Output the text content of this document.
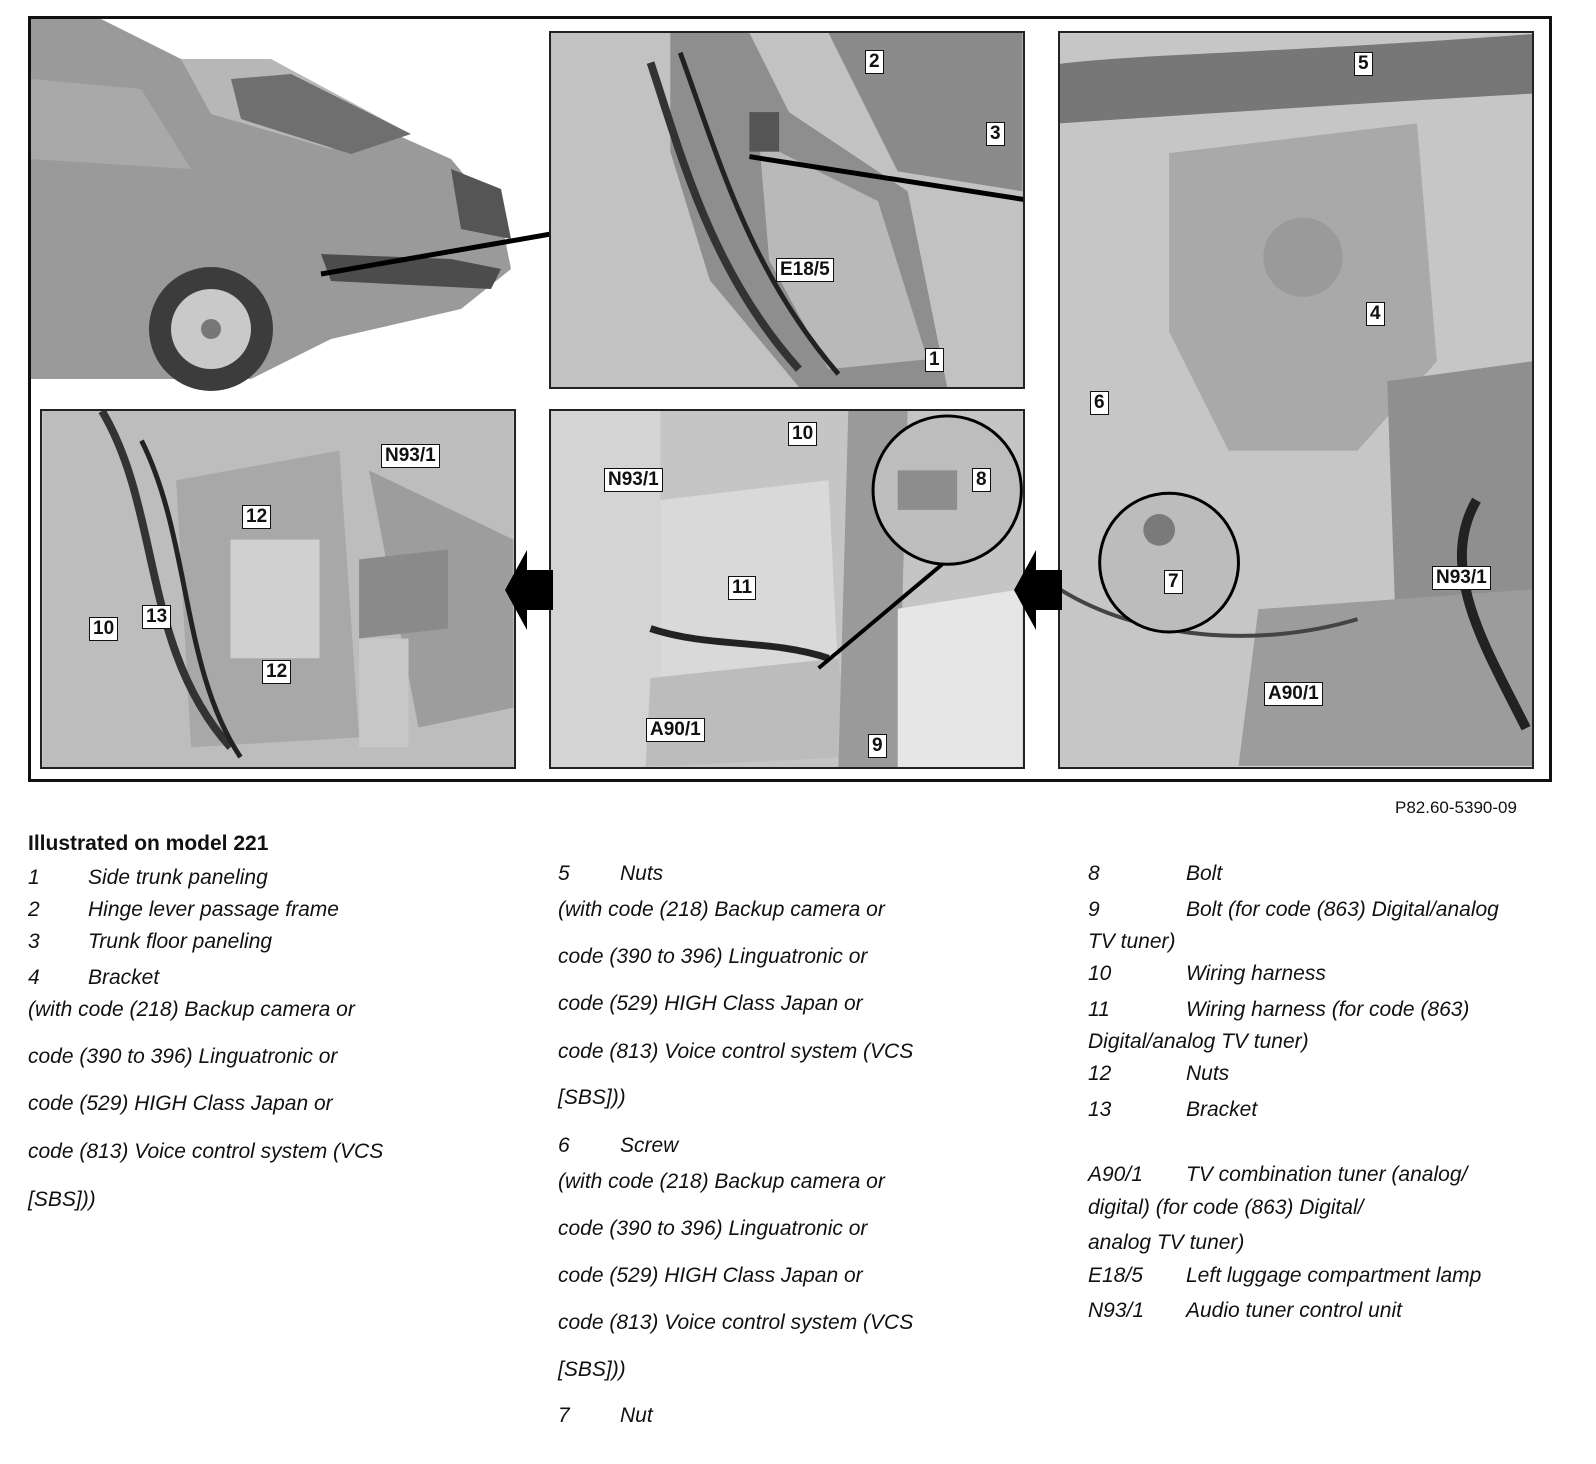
2
3
E18/5
1
5
4
6
7	N93/1
A90/1
N93/1
12
13
10
12
10
N93/1	8
11
A90/1
9
P82.60-5390-09
Illustrated on model 221
1 Side trunk paneling
2 Hinge lever passage frame
3 Trunk floor paneling
4 Bracket
(with code (218) Backup camera or
code (390 to 396) Linguatronic or
code (529) HIGH Class Japan or
code (813) Voice control system (VCS
[SBS]))
5 Nuts
(with code (218) Backup camera or
code (390 to 396) Linguatronic or
code (529) HIGH Class Japan or
code (813) Voice control system (VCS
[SBS]))
6 Screw
(with code (218) Backup camera or
code (390 to 396) Linguatronic or
code (529) HIGH Class Japan or
code (813) Voice control system (VCS
[SBS]))
7 Nut
8	Bolt
9	Bolt (for code (863) Digital/analog
TV tuner)
10	Wiring harness
11	Wiring harness (for code (863)
Digital/analog TV tuner)
12	Nuts
13	Bracket
A90/1 TV combination tuner (analog/
digital) (for code (863) Digital/
analog TV tuner)
E18/5 Left luggage compartment lamp
N93/1 Audio tuner control unit
